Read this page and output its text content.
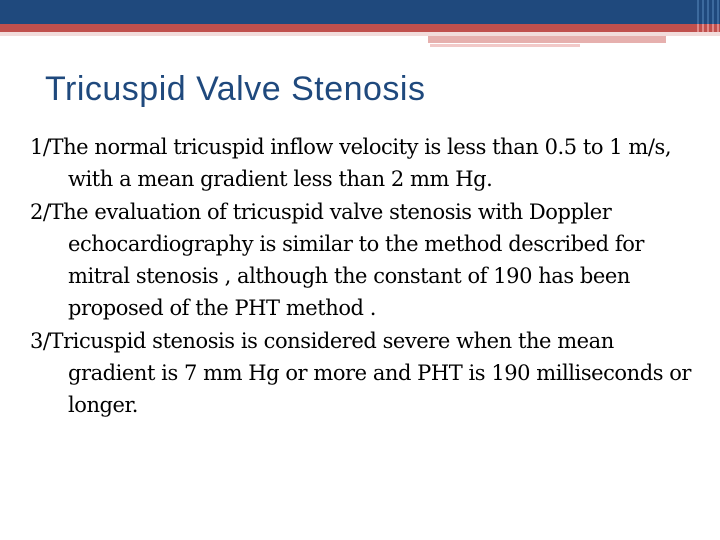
Tricuspid Valve Stenosis
1/The normal tricuspid inflow velocity is less than 0.5 to 1 m/s, with a mean gradient less than 2 mm Hg.
2/The evaluation of tricuspid valve stenosis with Doppler echocardiography is similar to the method described for mitral stenosis , although the constant of 190 has been proposed of the PHT method .
3/Tricuspid stenosis is considered severe when the mean gradient is 7 mm Hg or more and PHT is 190 milliseconds or longer.
